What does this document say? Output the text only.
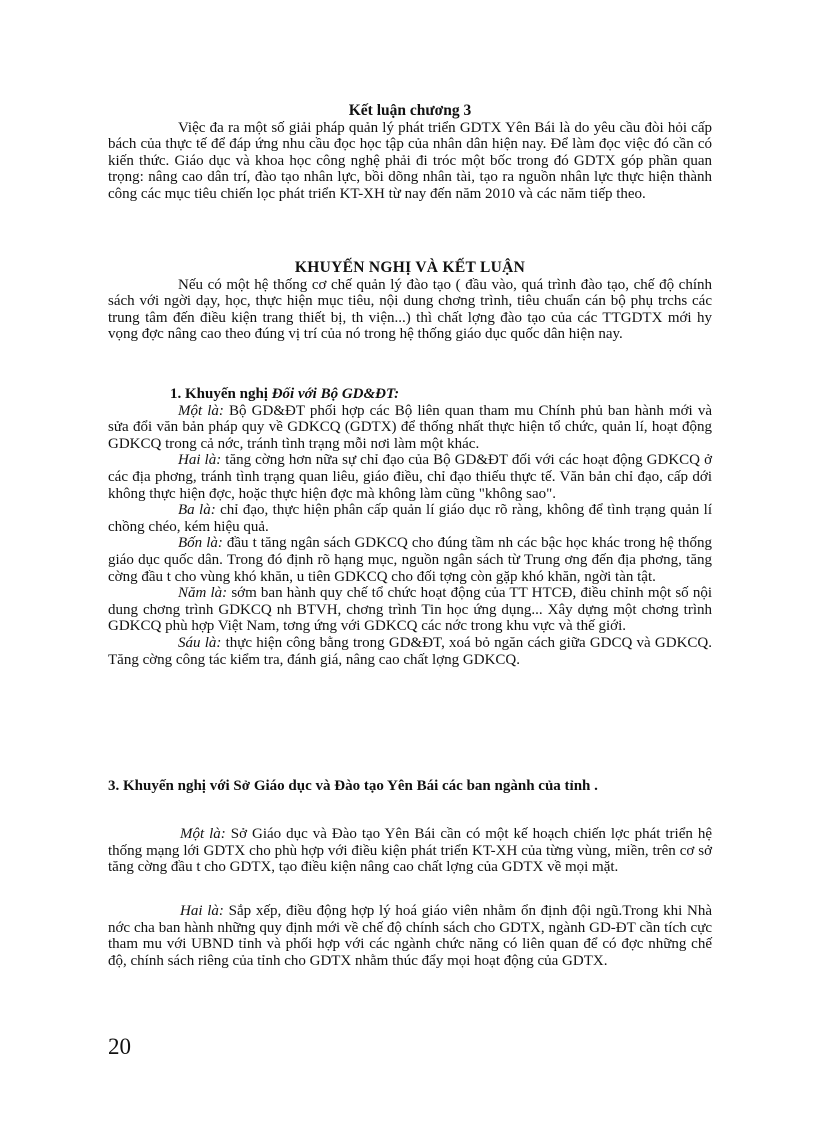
Kết luận chương 3

Việc đa ra một số giải pháp quản lý phát triển GDTX Yên Bái là do yêu cầu đòi hỏi cấp bách của thực tế để đáp ứng nhu cầu đọc học tập của nhân dân hiện nay. Để làm đọc việc đó cần có kiến thức. Giáo dục và khoa học công nghệ phải đi tróc một bốc trong đó GDTX góp phần quan trọng: nâng cao dân trí, đào tạo nhân lực, bồi dõng nhân tài, tạo ra nguồn nhân lực thực hiện thành công các mục tiêu chiến lọc phát triển KT-XH từ nay đến năm 2010 và các năm tiếp theo.

KHUYẾN NGHỊ VÀ KẾT LUẬN

Nếu có một hệ thống cơ chế quản lý đào tạo ( đầu vào, quá trình đào tạo, chế độ chính sách với ngời dạy, học, thực hiện mục tiêu, nội dung chơng trình, tiêu chuẩn cán bộ phụ trchs các trung tâm đến điều kiện trang thiết bị, th viện...) thì chất lợng đào tạo của các TTGDTX mới hy vọng đợc nâng cao theo đúng vị trí của nó trong hệ thống giáo dục quốc dân hiện nay.

1. Khuyến nghị Đối với Bộ GD&ĐT:

Một là: Bộ GD&ĐT phối hợp các Bộ liên quan tham mu Chính phủ ban hành mới và sửa đổi văn bản pháp quy về GDKCQ (GDTX) để thống nhất thực hiện tổ chức, quản lí, hoạt động GDKCQ trong cả nớc, tránh tình trạng mỗi nơi làm một khác.

Hai là: tăng cờng hơn nữa sự chỉ đạo của Bộ GD&ĐT đối với các hoạt động GDKCQ ở các địa phơng, tránh tình trạng quan liêu, giáo điều, chỉ đạo thiếu thực tế. Văn bản chỉ đạo, cấp dới không thực hiện đợc, hoặc thực hiện đợc mà không làm cũng "không sao".

Ba là: chỉ đạo, thực hiện phân cấp quản lí giáo dục rõ ràng, không để tình trạng quản lí chồng chéo, kém hiệu quả.

Bốn là: đầu t tăng ngân sách GDKCQ cho đúng tầm nh các bậc học khác trong hệ thống giáo dục quốc dân. Trong đó định rõ hạng mục, nguồn ngân sách từ Trung ơng đến địa phơng, tăng cờng đầu t cho vùng khó khăn, u tiên GDKCQ cho đối tợng còn gặp khó khăn, ngời tàn tật.

Năm là: sớm ban hành quy chế tổ chức hoạt động của TT HTCĐ, điều chỉnh một số nội dung chơng trình GDKCQ nh BTVH, chơng trình Tin học ứng dụng... Xây dựng một chơng trình GDKCQ phù hợp Việt Nam, tơng ứng với GDKCQ các nớc trong khu vực và thế giới.

Sáu là: thực hiện công bằng trong GD&ĐT, xoá bỏ ngăn cách giữa GDCQ và GDKCQ. Tăng cờng công tác kiểm tra, đánh giá, nâng cao chất lợng GDKCQ.

3. Khuyến nghị với Sở Giáo dục và Đào tạo Yên Bái các ban ngành của tỉnh .

Một là: Sở Giáo dục và Đào tạo Yên Bái cần có một kế hoạch chiến lợc phát triển hệ thống mạng lới GDTX cho phù hợp với điều kiện phát triển KT-XH của từng vùng, miền, trên cơ sở tăng cờng đầu t cho GDTX, tạo điều kiện nâng cao chất lợng của GDTX về mọi mặt.

Hai là: Sắp xếp, điều động hợp lý hoá giáo viên nhằm ổn định đội ngũ.Trong khi Nhà nớc cha ban hành những quy định mới về chế độ chính sách cho GDTX, ngành GD-ĐT cần tích cực tham mu với UBND tỉnh và phối hợp với các ngành chức năng có liên quan để có đợc những chế độ, chính sách riêng của tỉnh cho GDTX nhằm thúc đẩy mọi hoạt động của GDTX.

20
